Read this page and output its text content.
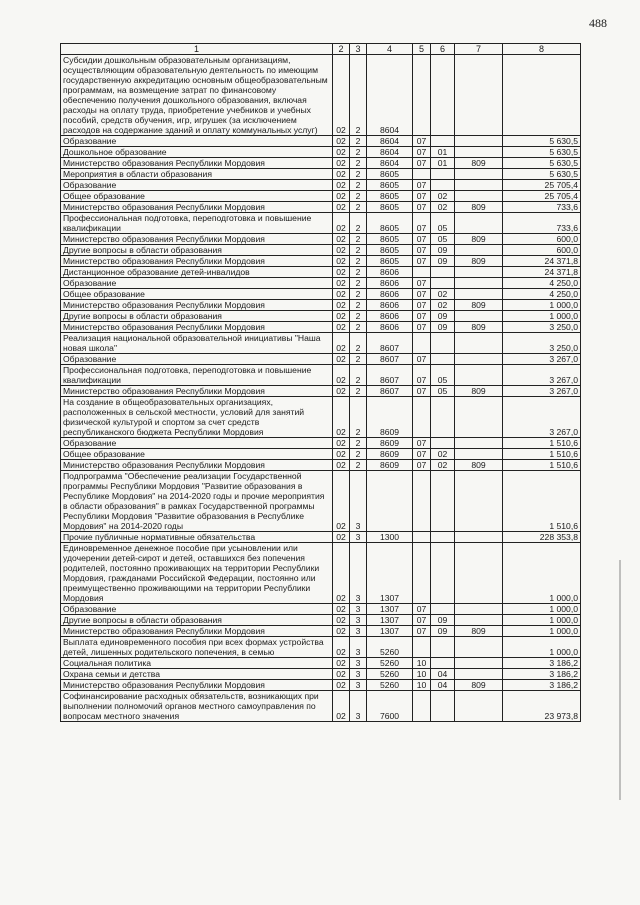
488
1	2	3	4	5	6	7	8
Субсидии дошкольным образовательным организациям, осуществляющим образовательную деятельность по имеющим государственную аккредитацию основным общеобразовательным программам, на возмещение затрат по финансовому обеспечению получения дошкольного образования, включая расходы на оплату труда, приобретение учебников и учебных пособий, средств обучения, игр, игрушек (за исключением расходов на содержание зданий и оплату коммунальных услуг)	02	2	8604				
Образование	02	2	8604	07			5 630,5
Дошкольное образование	02	2	8604	07	01		5 630,5
Министерство образования Республики Мордовия	02	2	8604	07	01	809	5 630,5
Мероприятия в области образования	02	2	8605				5 630,5
Образование	02	2	8605	07			25 705,4
Общее образование	02	2	8605	07	02		25 705,4
Министерство образования Республики Мордовия	02	2	8605	07	02	809	733,6
Профессиональная подготовка, переподготовка и повышение квалификации	02	2	8605	07	05		733,6
Министерство образования Республики Мордовия	02	2	8605	07	05	809	600,0
Другие вопросы в области образования	02	2	8605	07	09		600,0
Министерство образования Республики Мордовия	02	2	8605	07	09	809	24 371,8
Дистанционное образование детей-инвалидов	02	2	8606				24 371,8
Образование	02	2	8606	07			4 250,0
Общее образование	02	2	8606	07	02		4 250,0
Министерство образования Республики Мордовия	02	2	8606	07	02	809	1 000,0
Другие вопросы в области образования	02	2	8606	07	09		1 000,0
Министерство образования Республики Мордовия	02	2	8606	07	09	809	3 250,0
Реализация национальной образовательной инициативы "Наша новая школа"	02	2	8607				3 250,0
Образование	02	2	8607	07			3 267,0
Профессиональная подготовка, переподготовка и повышение квалификации	02	2	8607	07	05		3 267,0
Министерство образования Республики Мордовия	02	2	8607	07	05	809	3 267,0
На создание в общеобразовательных организациях, расположенных в сельской местности, условий для занятий физической культурой и спортом за счет средств республиканского бюджета Республики Мордовия	02	2	8609				3 267,0
Образование	02	2	8609	07			1 510,6
Общее образование	02	2	8609	07	02		1 510,6
Министерство образования Республики Мордовия	02	2	8609	07	02	809	1 510,6
Подпрограмма "Обеспечение реализации Государственной программы Республики Мордовия "Развитие образования в Республике Мордовия" на 2014-2020 годы и прочие мероприятия в области образования" в рамках Государственной программы Республики Мордовия "Развитие образования в Республике Мордовия" на 2014-2020 годы	02	3					1 510,6
Прочие публичные нормативные обязательства	02	3	1300				228 353,8
Единовременное денежное пособие при усыновлении или удочерении детей-сирот и детей, оставшихся без попечения родителей, постоянно проживающих на территории Республики Мордовия, гражданами Российской Федерации, постоянно или преимущественно проживающими на территории Республики Мордовия	02	3	1307				1 000,0
Образование	02	3	1307	07			1 000,0
Другие вопросы в области образования	02	3	1307	07	09		1 000,0
Министерство образования Республики Мордовия	02	3	1307	07	09	809	1 000,0
Выплата единовременного пособия при всех формах устройства детей, лишенных родительского попечения, в семью	02	3	5260				1 000,0
Социальная политика	02	3	5260	10			3 186,2
Охрана семьи и детства	02	3	5260	10	04		3 186,2
Министерство образования Республики Мордовия	02	3	5260	10	04	809	3 186,2
Софинансирование расходных обязательств, возникающих при выполнении полномочий органов местного самоуправления по вопросам местного значения	02	3	7600				23 973,8
